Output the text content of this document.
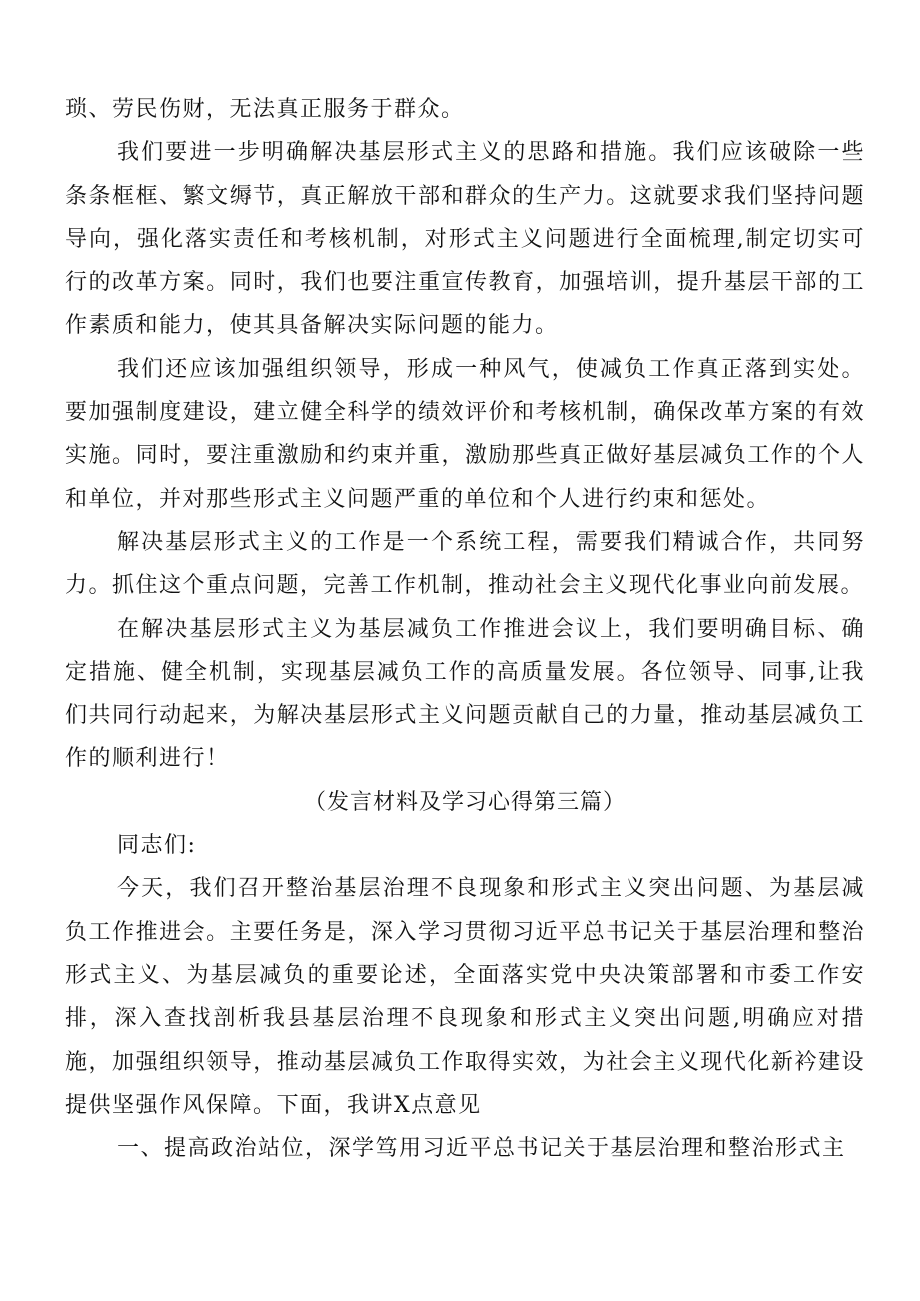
琐、劳民伤财，无法真正服务于群众。

我们要进一步明确解决基层形式主义的思路和措施。我们应该破除一些条条框框、繁文缛节，真正解放干部和群众的生产力。这就要求我们坚持问题导向，强化落实责任和考核机制，对形式主义问题进行全面梳理,制定切实可行的改革方案。同时，我们也要注重宣传教育，加强培训，提升基层干部的工作素质和能力，使其具备解决实际问题的能力。

我们还应该加强组织领导，形成一种风气，使减负工作真正落到实处。要加强制度建设，建立健全科学的绩效评价和考核机制，确保改革方案的有效实施。同时，要注重激励和约束并重，激励那些真正做好基层减负工作的个人和单位，并对那些形式主义问题严重的单位和个人进行约束和惩处。

解决基层形式主义的工作是一个系统工程，需要我们精诚合作，共同努力。抓住这个重点问题，完善工作机制，推动社会主义现代化事业向前发展。

在解决基层形式主义为基层减负工作推进会议上，我们要明确目标、确定措施、健全机制，实现基层减负工作的高质量发展。各位领导、同事,让我们共同行动起来，为解决基层形式主义问题贡献自己的力量，推动基层减负工作的顺利进行！

（发言材料及学习心得第三篇）

同志们:

今天，我们召开整治基层治理不良现象和形式主义突出问题、为基层减负工作推进会。主要任务是，深入学习贯彻习近平总书记关于基层治理和整治形式主义、为基层减负的重要论述，全面落实党中央决策部署和市委工作安排，深入查找剖析我县基层治理不良现象和形式主义突出问题,明确应对措施，加强组织领导，推动基层减负工作取得实效，为社会主义现代化新衿建设提供坚强作风保障。下面，我讲X点意见

一、提高政治站位，深学笃用习近平总书记关于基层治理和整治形式主
